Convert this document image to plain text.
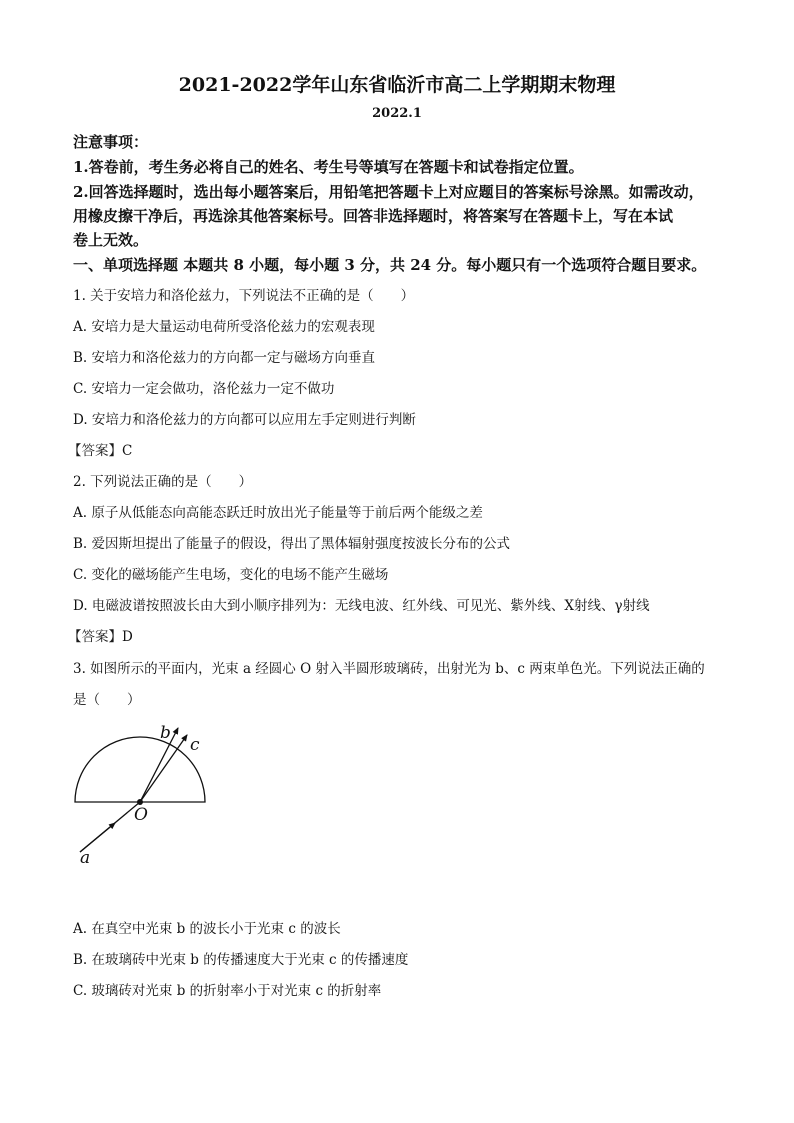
2021-2022学年山东省临沂市高二上学期期末物理
2022.1
注意事项：
1.答卷前，考生务必将自己的姓名、考生号等填写在答题卡和试卷指定位置。
2.回答选择题时，选出每小题答案后，用铅笔把答题卡上对应题目的答案标号涂黑。如需改动，
用橡皮擦干净后，再选涂其他答案标号。回答非选择题时，将答案写在答题卡上，写在本试
卷上无效。
一、单项选择题 本题共 8 小题，每小题 3 分，共 24 分。每小题只有一个选项符合题目要求。
1. 关于安培力和洛伦兹力，下列说法不正确的是（　　）
A. 安培力是大量运动电荷所受洛伦兹力的宏观表现
B. 安培力和洛伦兹力的方向都一定与磁场方向垂直
C. 安培力一定会做功，洛伦兹力一定不做功
D. 安培力和洛伦兹力的方向都可以应用左手定则进行判断
【答案】C
2. 下列说法正确的是（　　）
A. 原子从低能态向高能态跃迁时放出光子能量等于前后两个能级之差
B. 爱因斯坦提出了能量子的假设，得出了黑体辐射强度按波长分布的公式
C. 变化的磁场能产生电场，变化的电场不能产生磁场
D. 电磁波谱按照波长由大到小顺序排列为：无线电波、红外线、可见光、紫外线、X射线、γ射线
【答案】D
3. 如图所示的平面内，光束 a 经圆心 O 射入半圆形玻璃砖，出射光为 b、c 两束单色光。下列说法正确的
是（　　）
b
c
O
a
A. 在真空中光束 b 的波长小于光束 c 的波长
B. 在玻璃砖中光束 b 的传播速度大于光束 c 的传播速度
C. 玻璃砖对光束 b 的折射率小于对光束 c 的折射率
